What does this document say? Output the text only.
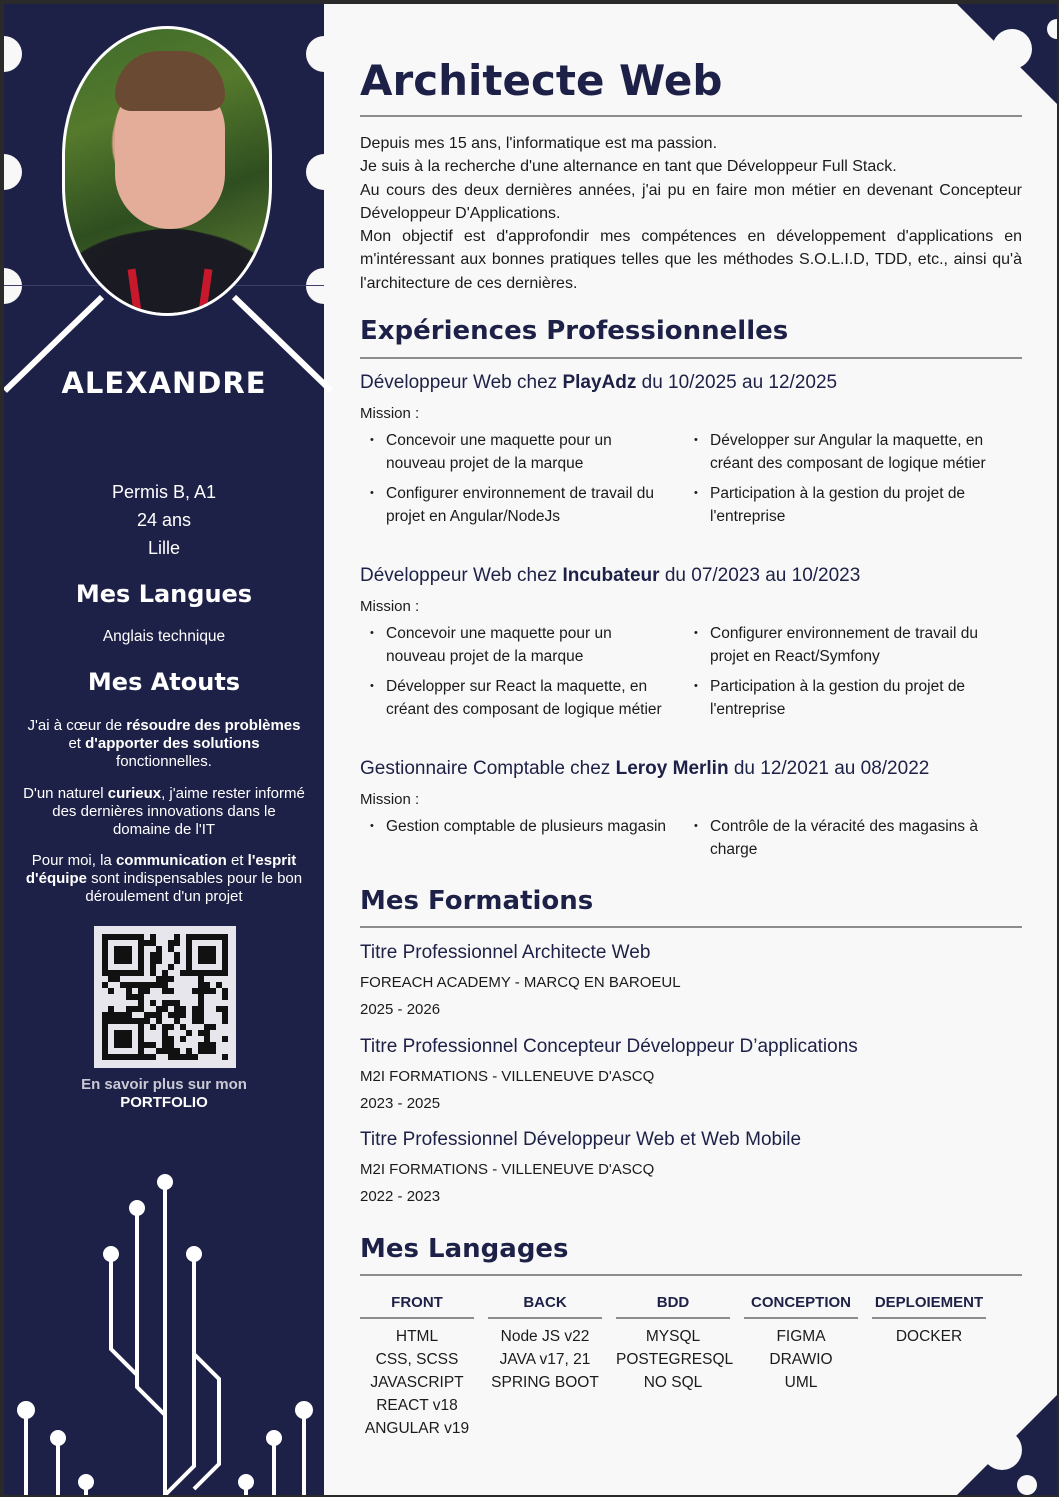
ALEXANDRE
Permis B, A1
24 ans
Lille
Mes Langues
Anglais technique
Mes Atouts
J'ai à cœur de résoudre des problèmes et d'apporter des solutions fonctionnelles.
D'un naturel curieux, j'aime rester informé des dernières innovations dans le domaine de l'IT
Pour moi, la communication et l'esprit d'équipe sont indispensables pour le bon déroulement d'un projet
En savoir plus sur mon
PORTFOLIO
Architecte Web

Depuis mes 15 ans, l'informatique est ma passion.

Je suis à la recherche d'une alternance en tant que Développeur Full Stack.

Au cours des deux dernières années, j'ai pu en faire mon métier en devenant Concepteur Développeur D'Applications.

Mon objectif est d'approfondir mes compétences en développement d'applications en m'intéressant aux bonnes pratiques telles que les méthodes S.O.L.I.D, TDD, etc., ainsi qu'à l'architecture de ces dernières.

Expériences Professionnelles
Développeur Web chez PlayAdz du 10/2025 au 12/2025
Mission :
• Concevoir une maquette pour un nouveau projet de la marque
• Développer sur Angular la maquette, en créant des composant de logique métier
• Configurer environnement de travail du projet en Angular/NodeJs
• Participation à la gestion du projet de l'entreprise
Développeur Web chez Incubateur du 07/2023 au 10/2023
Mission :
• Concevoir une maquette pour un nouveau projet de la marque
• Configurer environnement de travail du projet en React/Symfony
• Développer sur React la maquette, en créant des composant de logique métier
• Participation à la gestion du projet de l'entreprise
Gestionnaire Comptable chez Leroy Merlin du 12/2021 au 08/2022
Mission :
• Gestion comptable de plusieurs magasin	• Contrôle de la véracité des magasins à charge
Mes Formations
Titre Professionnel Architecte Web
FOREACH ACADEMY - MARCQ EN BAROEUL
2025 - 2026
Titre Professionnel Concepteur Développeur D’applications
M2I FORMATIONS - VILLENEUVE D'ASCQ
2023 - 2025
Titre Professionnel Développeur Web et Web Mobile
M2I FORMATIONS - VILLENEUVE D'ASCQ
2022 - 2023
Mes Langages
FRONT
HTML
CSS, SCSS
JAVASCRIPT
REACT v18
ANGULAR v19
BACK
Node JS v22
JAVA v17, 21
SPRING BOOT
BDD
MYSQL
POSTEGRESQL
NO SQL
CONCEPTION
FIGMA
DRAWIO
UML
DEPLOIEMENT
DOCKER
